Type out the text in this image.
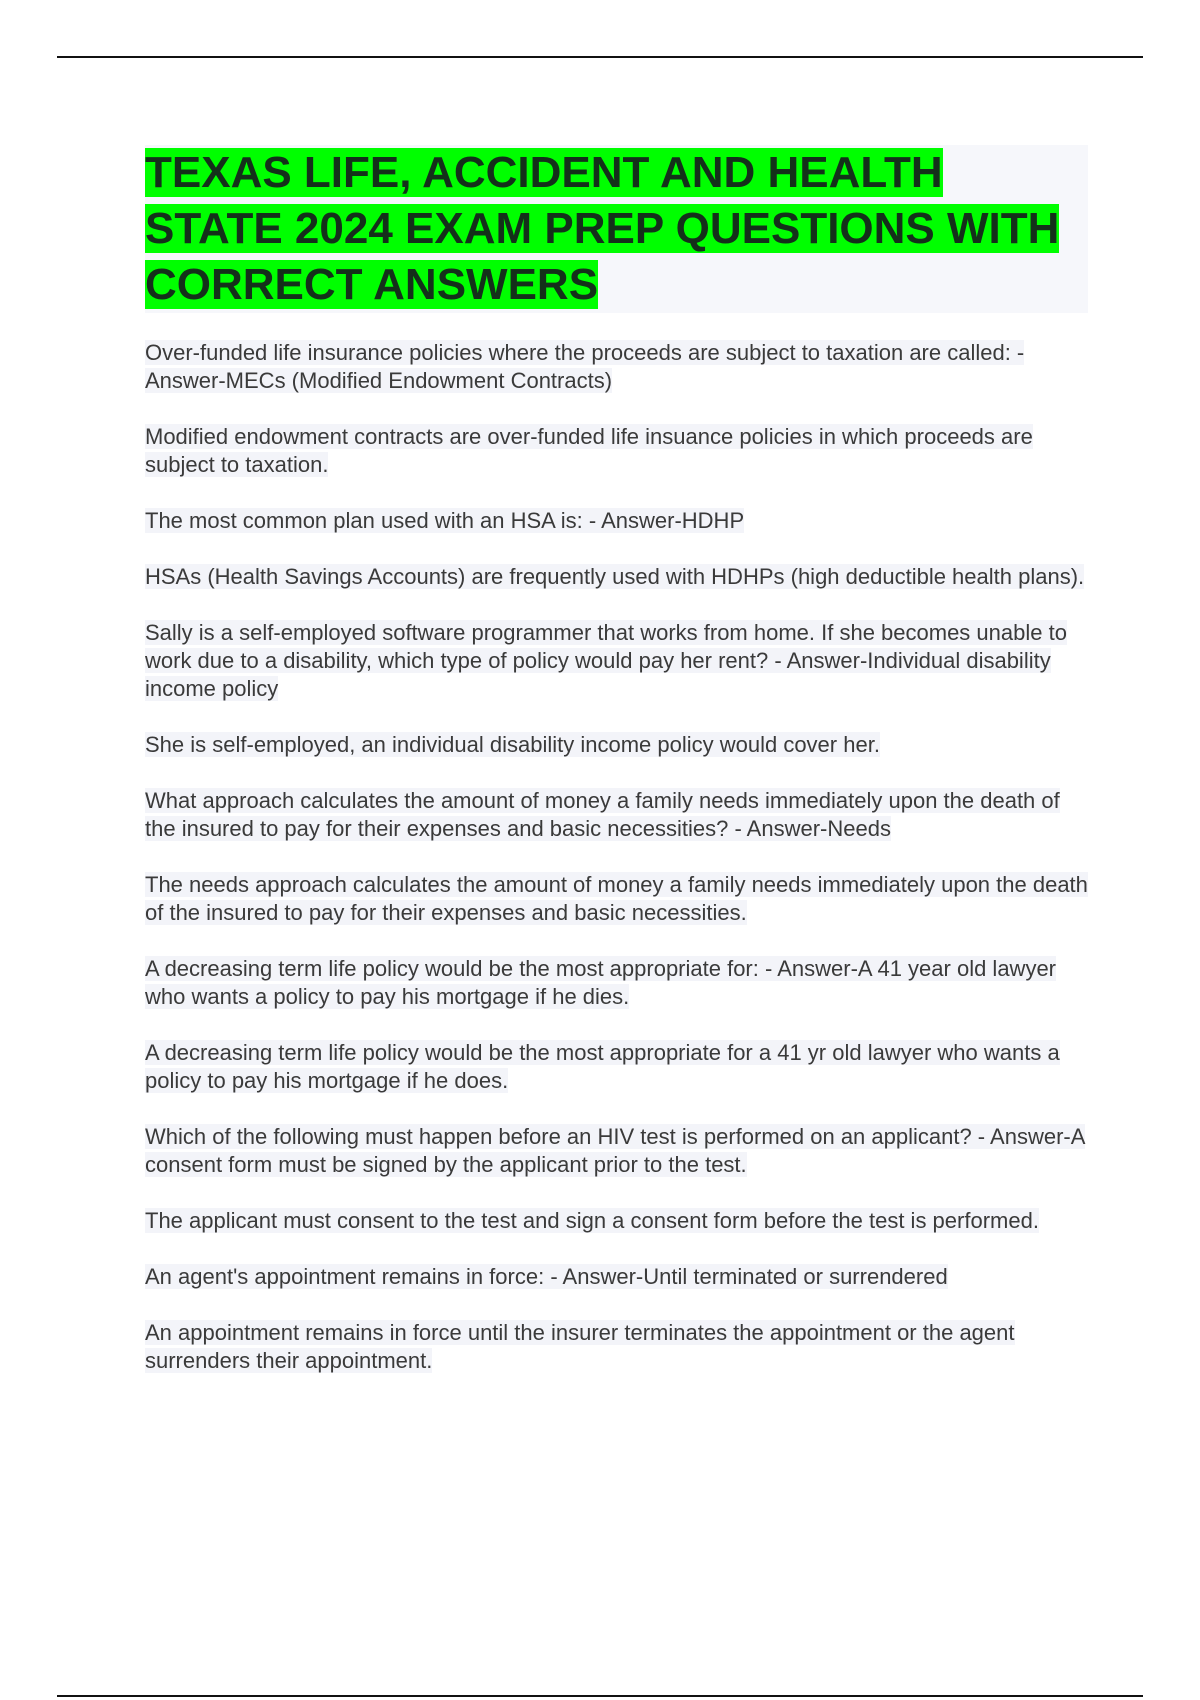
TEXAS LIFE, ACCIDENT AND HEALTH STATE 2024 EXAM PREP QUESTIONS WITH CORRECT ANSWERS

Over-funded life insurance policies where the proceeds are subject to taxation are called: - Answer-MECs (Modified Endowment Contracts)

Modified endowment contracts are over-funded life insuance policies in which proceeds are subject to taxation.

The most common plan used with an HSA is: - Answer-HDHP

HSAs (Health Savings Accounts) are frequently used with HDHPs (high deductible health plans).

Sally is a self-employed software programmer that works from home. If she becomes unable to work due to a disability, which type of policy would pay her rent? - Answer-Individual disability income policy

She is self-employed, an individual disability income policy would cover her.

What approach calculates the amount of money a family needs immediately upon the death of the insured to pay for their expenses and basic necessities? - Answer-Needs

The needs approach calculates the amount of money a family needs immediately upon the death of the insured to pay for their expenses and basic necessities.

A decreasing term life policy would be the most appropriate for: - Answer-A 41 year old lawyer who wants a policy to pay his mortgage if he dies.

A decreasing term life policy would be the most appropriate for a 41 yr old lawyer who wants a policy to pay his mortgage if he does.

Which of the following must happen before an HIV test is performed on an applicant? - Answer-A consent form must be signed by the applicant prior to the test.

The applicant must consent to the test and sign a consent form before the test is performed.

An agent's appointment remains in force: - Answer-Until terminated or surrendered

An appointment remains in force until the insurer terminates the appointment or the agent surrenders their appointment.
